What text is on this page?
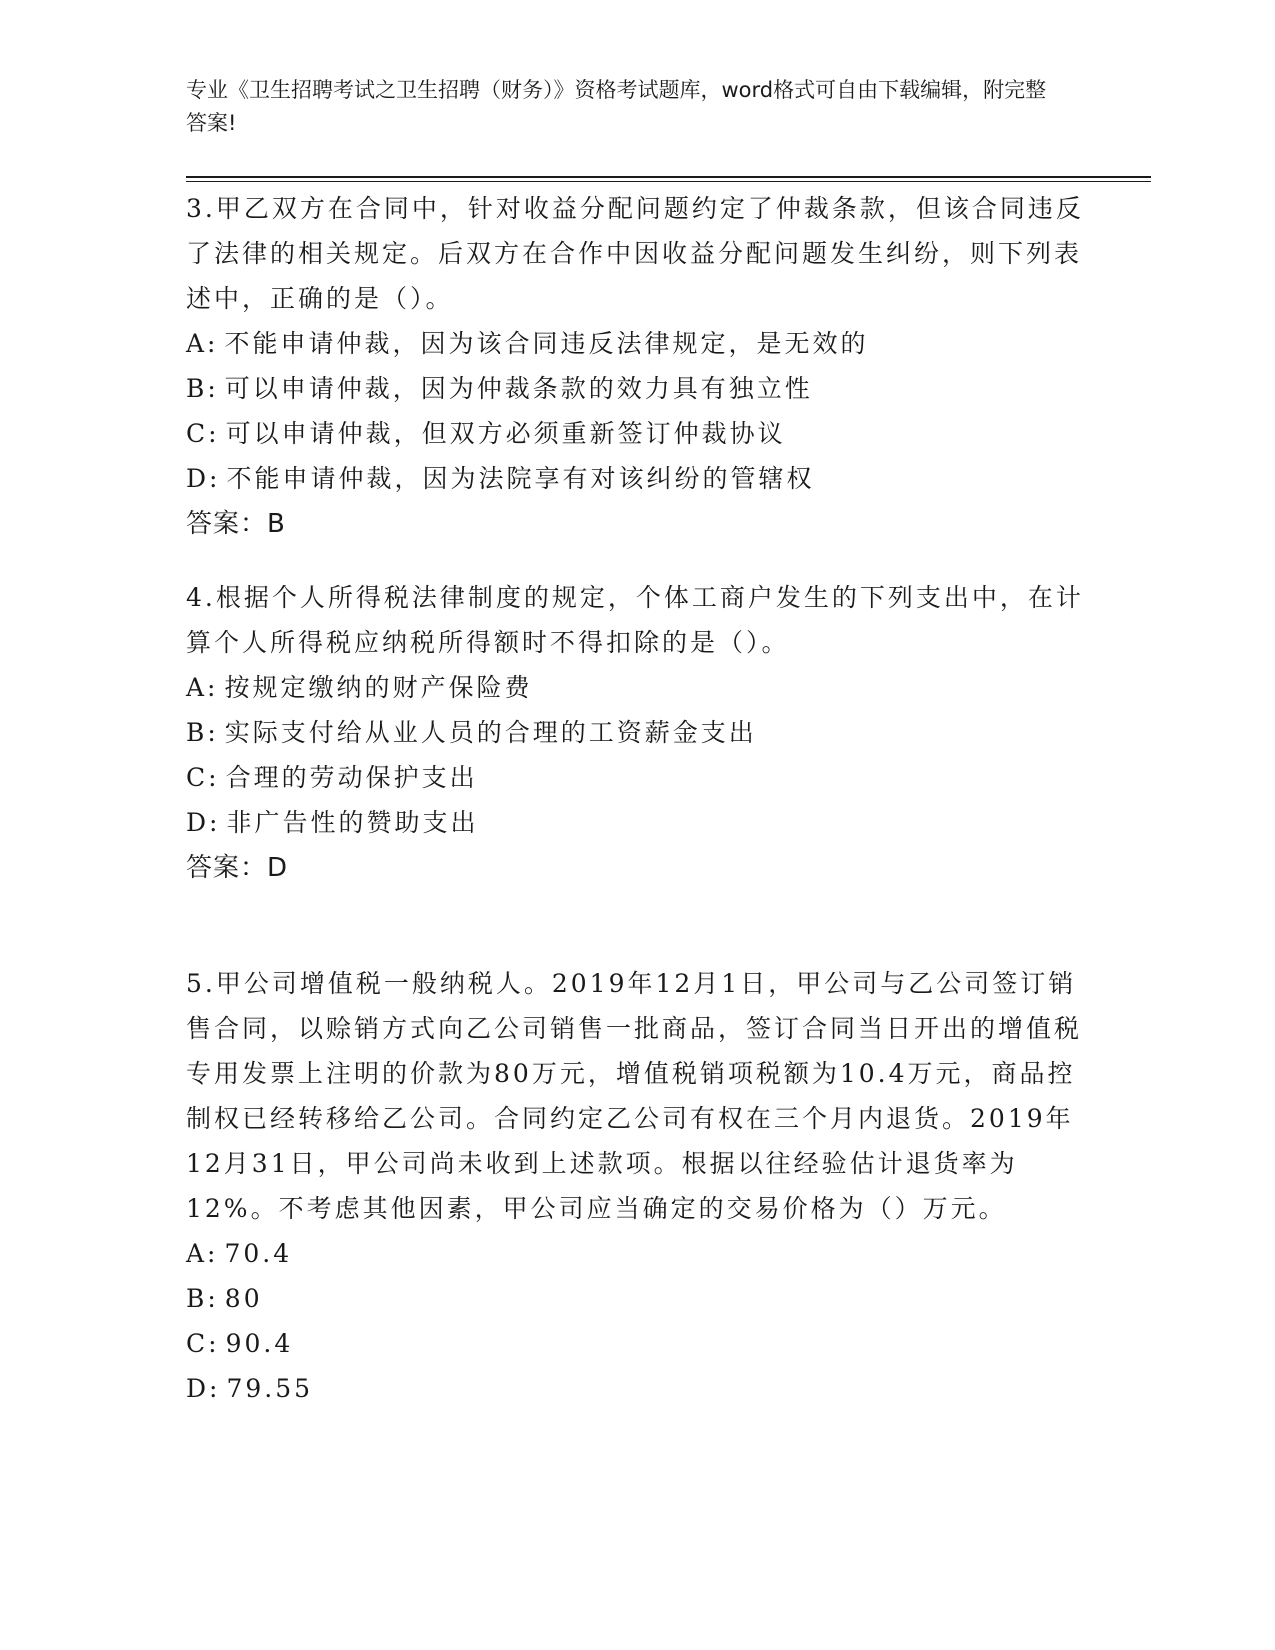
专业《卫生招聘考试之卫生招聘（财务）》资格考试题库，word格式可自由下载编辑，附完整答案!

3.甲乙双方在合同中，针对收益分配问题约定了仲裁条款，但该合同违反了法律的相关规定。后双方在合作中因收益分配问题发生纠纷，则下列表述中，正确的是（）。

A: 不能申请仲裁，因为该合同违反法律规定，是无效的

B: 可以申请仲裁，因为仲裁条款的效力具有独立性

C: 可以申请仲裁，但双方必须重新签订仲裁协议

D: 不能申请仲裁，因为法院享有对该纠纷的管辖权

答案：B

4.根据个人所得税法律制度的规定，个体工商户发生的下列支出中，在计算个人所得税应纳税所得额时不得扣除的是（）。

A: 按规定缴纳的财产保险费

B: 实际支付给从业人员的合理的工资薪金支出

C: 合理的劳动保护支出

D: 非广告性的赞助支出

答案：D

5.甲公司增值税一般纳税人。2019年12月1日，甲公司与乙公司签订销售合同，以赊销方式向乙公司销售一批商品，签订合同当日开出的增值税专用发票上注明的价款为80万元，增值税销项税额为10.4万元，商品控制权已经转移给乙公司。合同约定乙公司有权在三个月内退货。2019年12月31日，甲公司尚未收到上述款项。根据以往经验估计退货率为12%。不考虑其他因素，甲公司应当确定的交易价格为（）万元。

A: 70.4

B: 80

C: 90.4

D: 79.55
